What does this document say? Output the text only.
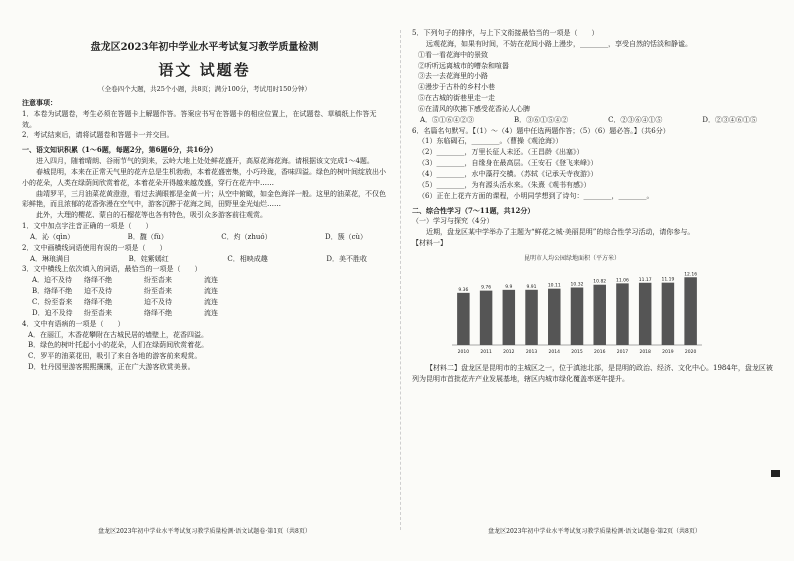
盘龙区2023年初中学业水平考试复习教学质量检测
语文 试题卷
（全卷四个大题，共25个小题，共8页；满分100分，考试用时150分钟）
注意事项：

1．本卷为试题卷，考生必须在答题卡上解题作答。答案应书写在答题卡的相应位置上，在试题卷、草稿纸上作答无效。

2．考试结束后，请将试题卷和答题卡一并交回。

一、语文知识积累（1～6题，每题2分，第6题6分，共16分）

进入四月，随着晴朗、谷雨节气的到来，云岭大地上处处鲜花盛开，高原花海花海。请根据该文完成1～4题。

春城昆明，本来在正常天气里的花卉总是生机勃勃，本着花盛密集，小巧玲珑，香味四溢。绿色的树叶间绽放出小小的花朵，人类在绿荫间欣赏着花，本着花朵开得越来越茂盛，穿行在花卉中……

曲靖罗平，三月油菜花黄澄澄，看过去满眼都是金黄一片；从空中俯瞰，如金色海洋一般。这里的油菜花，不仅色彩鲜艳，而且浓郁的花香弥漫在空气中，游客沉醉于花海之间，田野里金光灿烂……

此外，大理的樱花、蒙自的石榴花等也各有特色，吸引众多游客前往观赏。

1．文中加点字注音正确的一项是（　　）

A．沁（qìn）	B．馥（fù）	C．灼（zhuó）	D．簇（cù）

2．文中画横线词语使用有误的一项是（　　）

A．琳琅满目	B．姹紫嫣红	C．相映成趣	D．美不胜收

3．文中横线上依次填入的词语，最恰当的一项是（　　）

A．迫不及待	络绎不绝	纷至沓来	流连
B．络绎不绝	迫不及待	纷至沓来	流连
C．纷至沓来	络绎不绝	迫不及待	流连
D．迫不及待	纷至沓来	络绎不绝	流连

4．文中有语病的一项是（　　）

A．在丽江，木香花攀附在古城民居的墙壁上，花香四溢。

B．绿色的树叶托起小小的花朵，人们在绿荫间欣赏着花。

C．罗平的油菜花田，吸引了来自各地的游客前来观赏。

D．牡丹园里游客熙熙攘攘，正在广大游客欣赏美景。

盘龙区2023年初中学业水平考试复习教学质量检测·语文试题卷·第1页（共8页）

5．下列句子的排序，与上下文衔接最恰当的一项是（　　）

远观花海，如果有时间，不妨在花间小路上漫步，________，享受自然的恬淡和静谧。

①看一看花海中的景致

②听听远离城市的嘈杂和喧嚣

③去一去花海里的小路

④漫步于古朴的乡村小巷

⑤在古城的街巷里走一走

⑥在清风的吹拂下感受花香沁人心脾

A．⑤①⑥④②③	B．③⑥①⑤④②	C．②③⑥④①⑤	D．②③④⑥①⑤

6．名篇名句默写。【（1）～（4）题中任选两题作答；（5）（6）题必答。】（共6分）

（1）东临碣石，________。（曹操《观沧海》）

（2）________，万里长征人未还。（王昌龄《出塞》）

（3）________，自缘身在最高层。（王安石《登飞来峰》）

（4）________，水中藻荇交横。（苏轼《记承天寺夜游》）

（5）________，为有源头活水来。（朱熹《观书有感》）

（6）正在上花卉方面的课程，小明同学想到了诗句：________，________。

二、综合性学习（7～11题，共12分）

（一）学习与探究（4分）

近期，盘龙区某中学举办了主题为“鲜花之城·美丽昆明”的综合性学习活动，请你参与。

【材料一】

昆明市人均公园绿地面积（平方米）
9.36
2010
9.76
2011
9.9
2012
9.91
2013
10.11
2014
10.32
2015
10.82
2016
11.06
2017
11.17
2018
11.19
2019
12.16
2020

【材料二】盘龙区是昆明市的主城区之一，位于滇池北部，是昆明的政治、经济、文化中心。1984年，盘龙区被列为昆明市首批花卉产业发展基地，辖区内城市绿化覆盖率逐年提升。

盘龙区2023年初中学业水平考试复习教学质量检测·语文试题卷·第2页（共8页）
